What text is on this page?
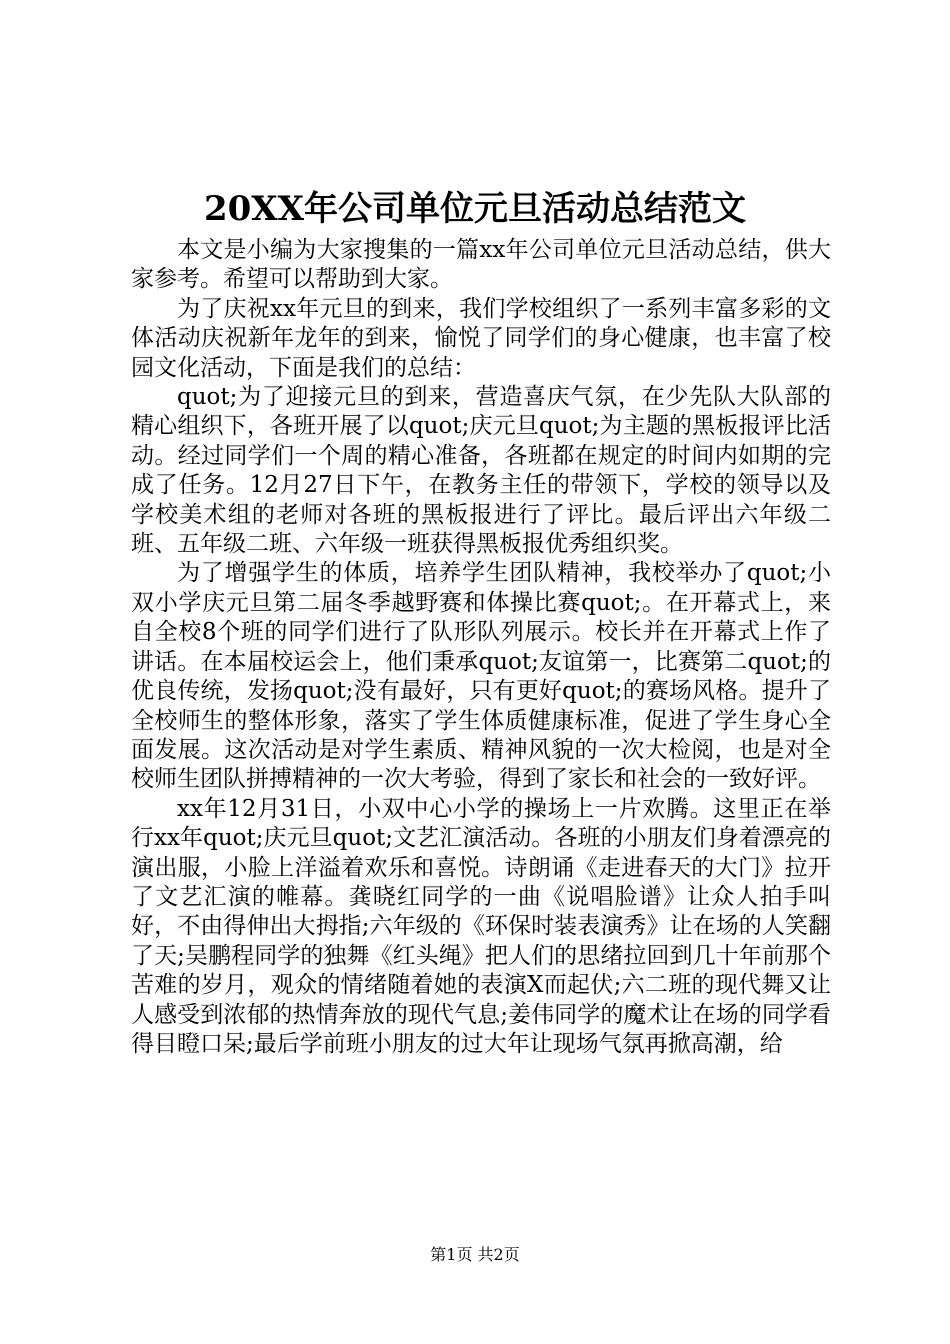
20XX年公司单位元旦活动总结范文

本文是小编为大家搜集的一篇xx年公司单位元旦活动总结，供大家参考。希望可以帮助到大家。

为了庆祝xx年元旦的到来，我们学校组织了一系列丰富多彩的文体活动庆祝新年龙年的到来，愉悦了同学们的身心健康，也丰富了校园文化活动，下面是我们的总结：

quot;为了迎接元旦的到来，营造喜庆气氛，在少先队大队部的精心组织下，各班开展了以quot;庆元旦quot;为主题的黑板报评比活动。经过同学们一个周的精心准备，各班都在规定的时间内如期的完成了任务。12月27日下午，在教务主任的带领下，学校的领导以及学校美术组的老师对各班的黑板报进行了评比。最后评出六年级二班、五年级二班、六年级一班获得黑板报优秀组织奖。

为了增强学生的体质，培养学生团队精神，我校举办了quot;小双小学庆元旦第二届冬季越野赛和体操比赛quot;。在开幕式上，来自全校8个班的同学们进行了队形队列展示。校长并在开幕式上作了讲话。在本届校运会上，他们秉承quot;友谊第一，比赛第二quot;的优良传统，发扬quot;没有最好，只有更好quot;的赛场风格。提升了全校师生的整体形象，落实了学生体质健康标准，促进了学生身心全面发展。这次活动是对学生素质、精神风貌的一次大检阅，也是对全校师生团队拼搏精神的一次大考验，得到了家长和社会的一致好评。

xx年12月31日，小双中心小学的操场上一片欢腾。这里正在举行xx年quot;庆元旦quot;文艺汇演活动。各班的小朋友们身着漂亮的演出服，小脸上洋溢着欢乐和喜悦。诗朗诵《走进春天的大门》拉开了文艺汇演的帷幕。龚晓红同学的一曲《说唱脸谱》让众人拍手叫好，不由得伸出大拇指;六年级的《环保时装表演秀》让在场的人笑翻了天;吴鹏程同学的独舞《红头绳》把人们的思绪拉回到几十年前那个苦难的岁月，观众的情绪随着她的表演X而起伏;六二班的现代舞又让人感受到浓郁的热情奔放的现代气息;姜伟同学的魔术让在场的同学看得目瞪口呆;最后学前班小朋友的过大年让现场气氛再掀高潮，给

第1页 共2页
